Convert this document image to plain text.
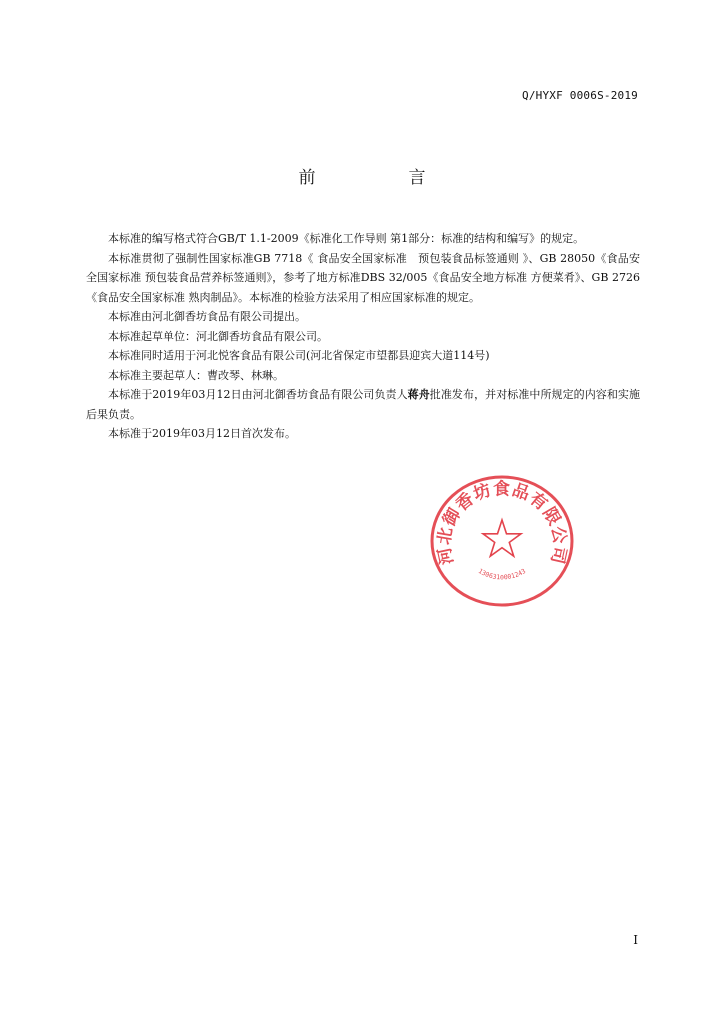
Q/HYXF 0006S-2019
前　言

本标准的编写格式符合GB/T 1.1-2009《标准化工作导则 第1部分：标准的结构和编写》的规定。

本标准贯彻了强制性国家标准GB 7718《 食品安全国家标准　预包装食品标签通则 》、GB 28050《食品安全国家标准 预包装食品营养标签通则》，参考了地方标准DBS 32/005《食品安全地方标准 方便菜肴》、GB 2726《食品安全国家标准 熟肉制品》。本标准的检验方法采用了相应国家标准的规定。

本标准由河北御香坊食品有限公司提出。

本标准起草单位：河北御香坊食品有限公司。

本标准同时适用于河北悦客食品有限公司(河北省保定市望都县迎宾大道114号)

本标准主要起草人：曹改琴、林琳。

本标准于2019年03月12日由河北御香坊食品有限公司负责人蒋舟批准发布，并对标准中所规定的内容和实施后果负责。

本标准于2019年03月12日首次发布。

河北御香坊食品有限公司
1306310001243
I
